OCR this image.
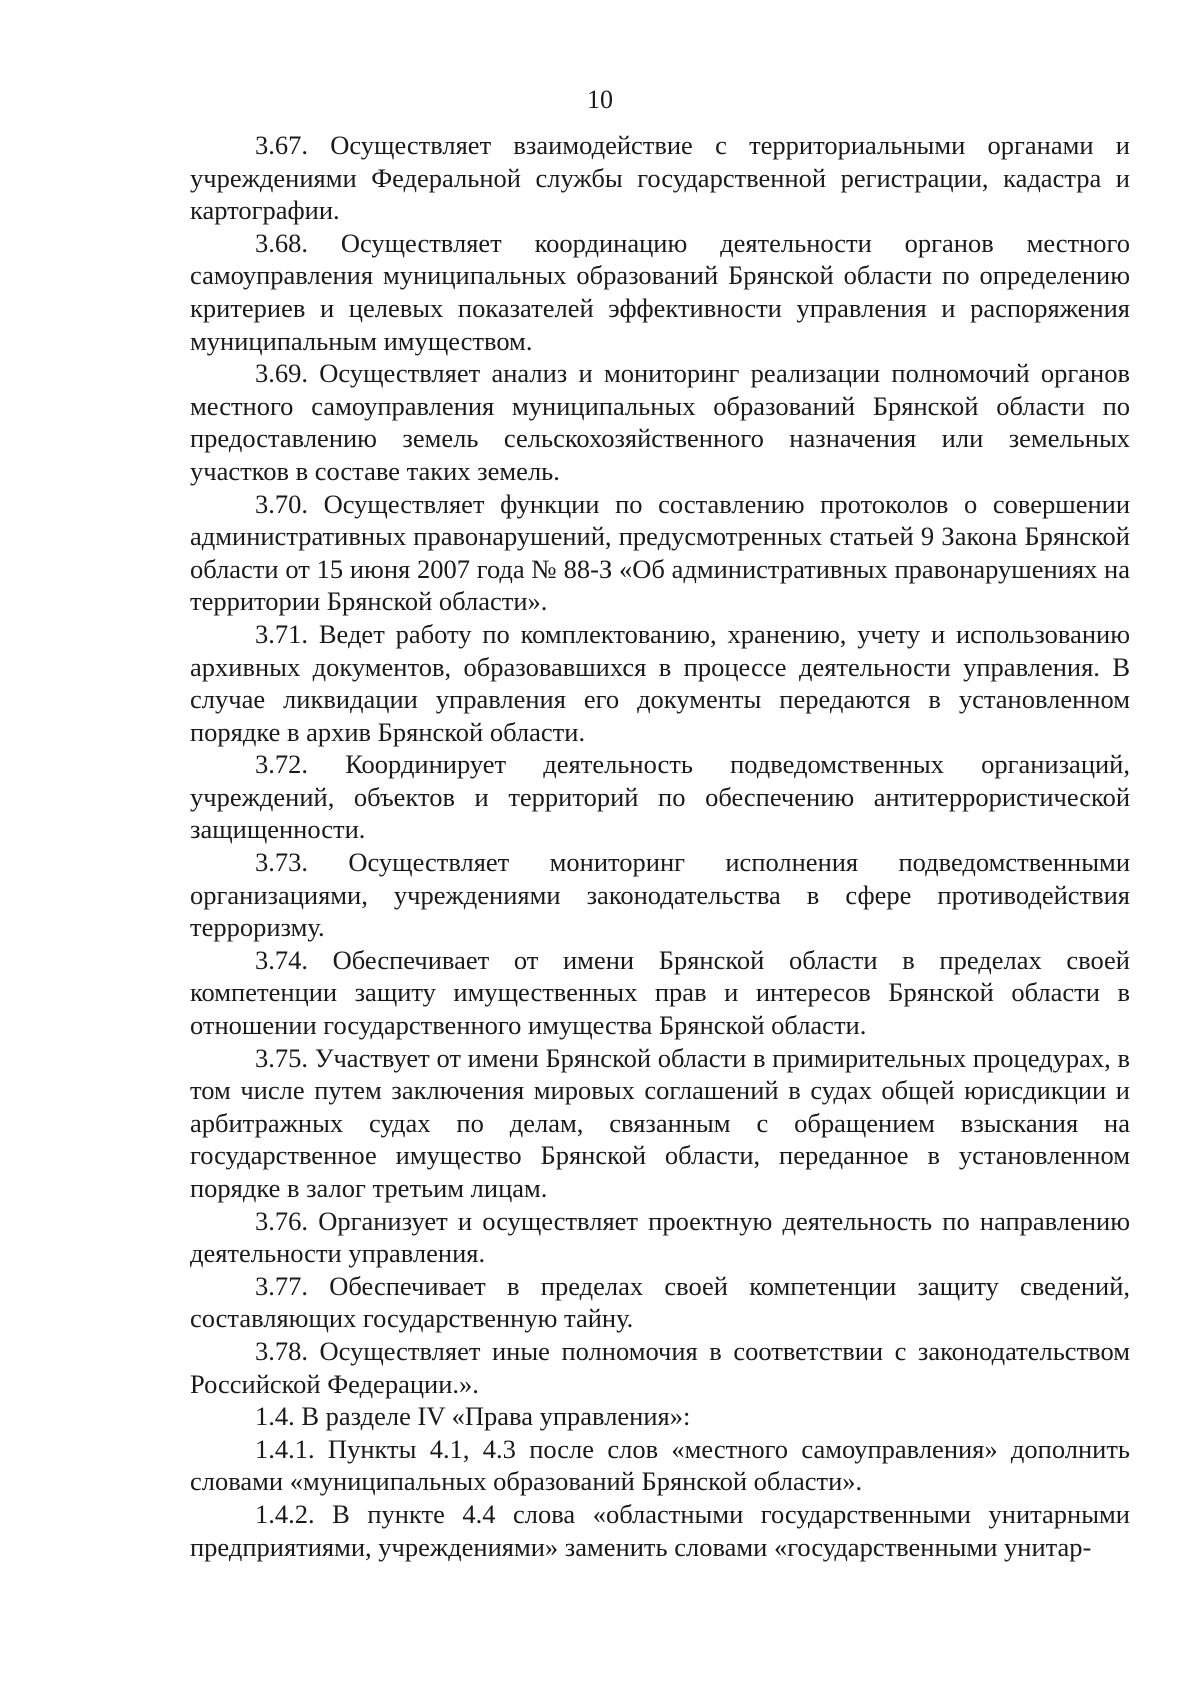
10

3.67. Осуществляет взаимодействие с территориальными органами и учреждениями Федеральной службы государственной регистрации, кадастра и картографии.

3.68. Осуществляет координацию деятельности органов местного самоуправления муниципальных образований Брянской области по определению критериев и целевых показателей эффективности управления и распоряжения муниципальным имуществом.

3.69. Осуществляет анализ и мониторинг реализации полномочий органов местного самоуправления муниципальных образований Брянской области по предоставлению земель сельскохозяйственного назначения или земельных участков в составе таких земель.

3.70. Осуществляет функции по составлению протоколов о совершении административных правонарушений, предусмотренных статьей 9 Закона Брянской области от 15 июня 2007 года № 88-З «Об административных правонарушениях на территории Брянской области».

3.71. Ведет работу по комплектованию, хранению, учету и использованию архивных документов, образовавшихся в процессе деятельности управления. В случае ликвидации управления его документы передаются в установленном порядке в архив Брянской области.

3.72. Координирует деятельность подведомственных организаций, учреждений, объектов и территорий по обеспечению антитеррористической защищенности.

3.73. Осуществляет мониторинг исполнения подведомственными организациями, учреждениями законодательства в сфере противодействия терроризму.

3.74. Обеспечивает от имени Брянской области в пределах своей компетенции защиту имущественных прав и интересов Брянской области в отношении государственного имущества Брянской области.

3.75. Участвует от имени Брянской области в примирительных процедурах, в том числе путем заключения мировых соглашений в судах общей юрисдикции и арбитражных судах по делам, связанным с обращением взыскания на государственное имущество Брянской области, переданное в установленном порядке в залог третьим лицам.

3.76. Организует и осуществляет проектную деятельность по направлению деятельности управления.

3.77. Обеспечивает в пределах своей компетенции защиту сведений, составляющих государственную тайну.

3.78. Осуществляет иные полномочия в соответствии с законодательством Российской Федерации.».

1.4. В разделе IV «Права управления»:

1.4.1. Пункты 4.1, 4.3 после слов «местного самоуправления» дополнить словами «муниципальных образований Брянской области».

1.4.2. В пункте 4.4 слова «областными государственными унитарными предприятиями, учреждениями» заменить словами «государственными унитар-
